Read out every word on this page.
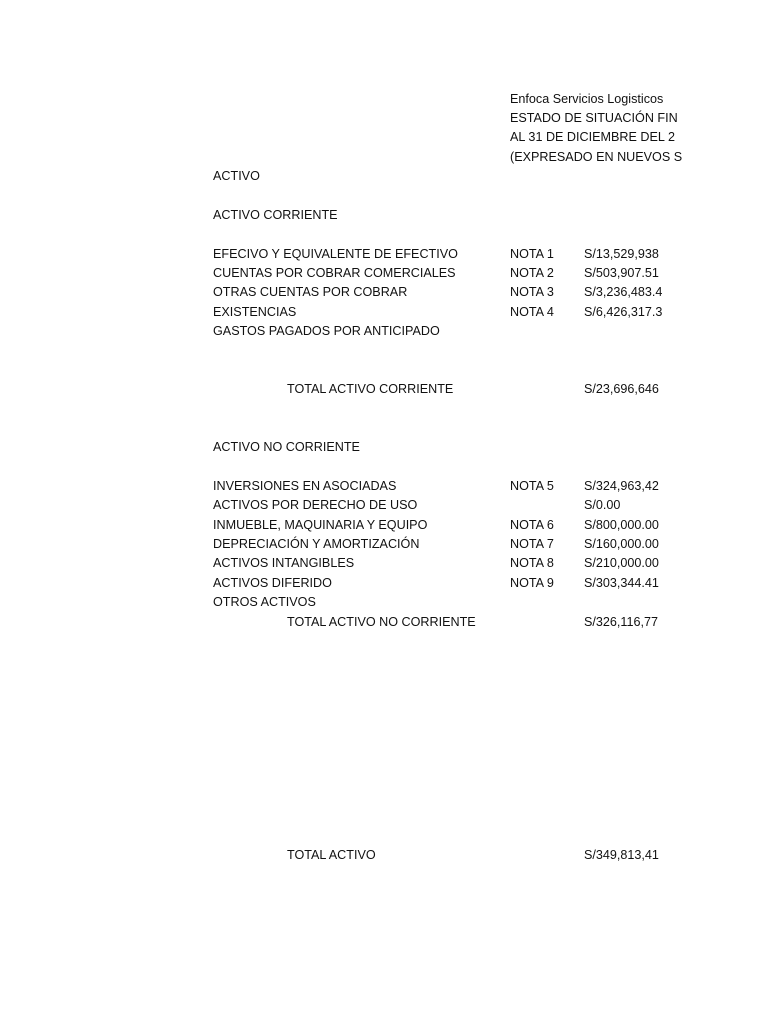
Enfoca Servicios Logisticos
ESTADO DE SITUACIÓN FIN
AL 31 DE DICIEMBRE DEL 2
(EXPRESADO EN NUEVOS S
ACTIVO
ACTIVO CORRIENTE
EFECIVO Y EQUIVALENTE DE EFECTIVO	NOTA 1 S/13,529,938
CUENTAS POR COBRAR COMERCIALES	NOTA 2 S/503,907.51
OTRAS CUENTAS POR COBRAR	NOTA 3 S/3,236,483.4
EXISTENCIAS	NOTA 4 S/6,426,317.3
GASTOS PAGADOS POR ANTICIPADO
TOTAL ACTIVO CORRIENTE	S/23,696,646
ACTIVO NO CORRIENTE
INVERSIONES EN ASOCIADAS	NOTA 5 S/324,963,42
ACTIVOS POR DERECHO DE USO	S/0.00
INMUEBLE, MAQUINARIA Y EQUIPO	NOTA 6 S/800,000.00
DEPRECIACIÓN Y AMORTIZACIÓN	NOTA 7 S/160,000.00
ACTIVOS INTANGIBLES	NOTA 8 S/210,000.00
ACTIVOS DIFERIDO	NOTA 9 S/303,344.41
OTROS ACTIVOS
TOTAL ACTIVO NO CORRIENTE	S/326,116,77
TOTAL ACTIVO	S/349,813,41
